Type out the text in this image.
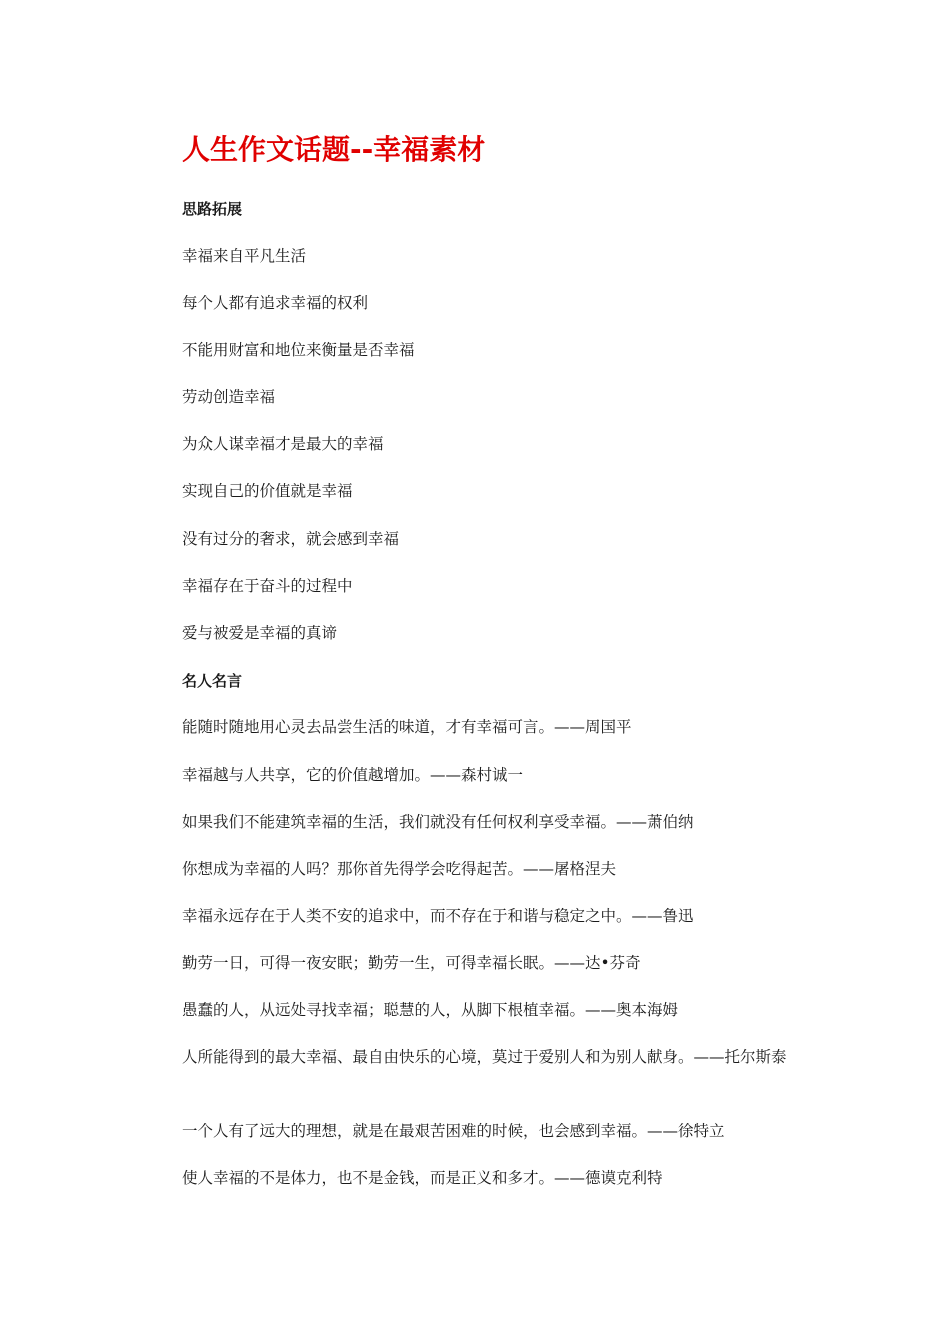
人生作文话题--幸福素材

思路拓展

幸福来自平凡生活

每个人都有追求幸福的权利

不能用财富和地位来衡量是否幸福

劳动创造幸福

为众人谋幸福才是最大的幸福

实现自己的价值就是幸福

没有过分的奢求，就会感到幸福

幸福存在于奋斗的过程中

爱与被爱是幸福的真谛

名人名言

能随时随地用心灵去品尝生活的味道，才有幸福可言。——周国平

幸福越与人共享，它的价值越增加。——森村诚一

如果我们不能建筑幸福的生活，我们就没有任何权利享受幸福。——萧伯纳

你想成为幸福的人吗？那你首先得学会吃得起苦。——屠格涅夫

幸福永远存在于人类不安的追求中，而不存在于和谐与稳定之中。——鲁迅

勤劳一日，可得一夜安眠；勤劳一生，可得幸福长眠。——达•芬奇

愚蠢的人，从远处寻找幸福；聪慧的人，从脚下根植幸福。——奥本海姆

人所能得到的最大幸福、最自由快乐的心境，莫过于爱别人和为别人献身。——托尔斯泰

一个人有了远大的理想，就是在最艰苦困难的时候，也会感到幸福。——徐特立

使人幸福的不是体力，也不是金钱，而是正义和多才。——德谟克利特
